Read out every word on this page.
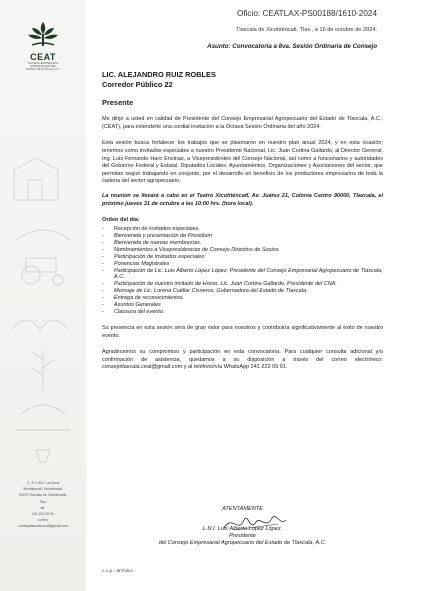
CEAT
CONSEJO EMPRESARIAL AGROPECUARIO DEL ESTADO DE TLAXCALA, A.C.
C. 3ª 1 602, La Loma
Xicohténcatl, Xicohténcatl,
90070 Tlaxcala de Xicohténcatl,
Tlax.
tel.
241 222 09 91
correo
consejotlaxcala.ceat@gmail.com
Oficio: CEATLAX-PS00188/1610-2024
Tlaxcala de Xicohténcatl, Tlax., a 16 de octubre de 2024.
Asunto: Convocatoria a 8va. Sesión Ordinaria de Consejo
LIC. ALEJANDRO RUIZ ROBLES
Corredor Público 22
Presente
Me dirijo a usted en calidad de Presidente del Consejo Empresarial Agropecuario del Estado de Tlaxcala, A.C., (CEAT), para extenderle una cordial invitación a la Octava Sesión Ordinaria del año 2024.
Esta sesión busca fortalecer los trabajos que se plasmaron en nuestro plan anual 2024, y en esta ocasión; tenemos como invitados especiales a nuestro Presidente Nacional, Lic. Juan Cortina Gallardo, al Director General, Ing. Luis Fernando Haro Encinas, a Vicepresidentes del Consejo Nacional, así como a funcionarios y autoridades del Gobierno Federal y Estatal, Diputados Locales, Ayuntamientos, Organizaciones y Asociaciones del sector, que permitan seguir trabajando en conjunto, por el desarrollo en beneficio de los productores empresarios de toda la cadena del sector agropecuario.
La reunión se llevará a cabo en el Teatro Xicohténcatl, Av. Juárez 21, Colonia Centro 90000, Tlaxcala, el próximo jueves 31 de octubre a las 10:00 hrs. (hora local).
Orden del día:
-	Recepción de invitados especiales.
-	Bienvenida y presentación de Presidium
-	Bienvenida de nuevas membresías.
-	Nombramientos a Vicepresidencias de Consejo Directivo de Socios.
-	Participación de Invitados especiales
-	Ponencias Magistrales
-	Participación de Lic. Luis Alberto López López, Presidente del Consejo Empresarial Agropecuario de Tlaxcala, A.C.
-	Participación de nuestro invitado de Honor, Lic. Juan Cortina Gallardo, Presidente del CNA.
-	Mensaje de Lic. Lorena Cuéllar Cisneros, Gobernadora del Estado de Tlaxcala.
-	Entrega de reconocimientos.
-	Asuntos Generales
-	Clausura del evento.
Su presencia en esta sesión será de gran valor para nosotros y contribuiría significativamente al éxito de nuestro evento.
Agradecemos su compromiso y participación en esta convocatoria. Para cualquier consulta adicional y/o confirmación de asistencia, quedamos a su disposición a través del correo electrónico: consejotlaxcala.ceat@gmail.com y al teléfono/vía WhatsApp 241 222 09 91.
ATENTAMENTE
L.N.I. Luis Alberto López López.
Presidente
del Consejo Empresarial Agropecuario del Estado de Tlaxcala, A.C.
c.c.p.- archivo.
